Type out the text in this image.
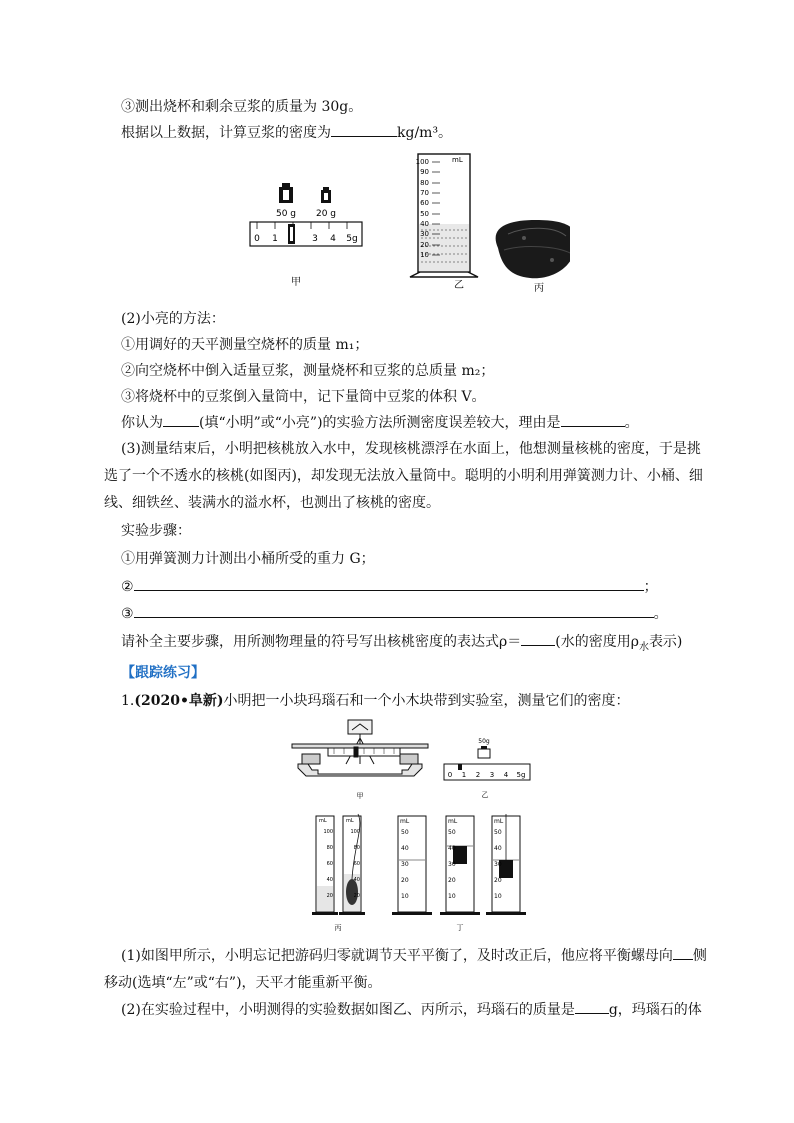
③测出烧杯和剩余豆浆的质量为 30g。
根据以上数据，计算豆浆的密度为	kg/m³。
50 g 20 g
0 1	3 4 5g
甲
mL
100
90
80
70
60
50
40
30
20
10
乙	丙
(2)小亮的方法：
①用调好的天平测量空烧杯的质量 m₁；
②向空烧杯中倒入适量豆浆，测量烧杯和豆浆的总质量 m₂；
③将烧杯中的豆浆倒入量筒中，记下量筒中豆浆的体积 V。
你认为	(填“小明”或“小亮”)的实验方法所测密度误差较大，理由是	。
(3)测量结束后，小明把核桃放入水中，发现核桃漂浮在水面上，他想测量核桃的密度，于是挑
选了一个不透水的核桃(如图丙)，却发现无法放入量筒中。聪明的小明利用弹簧测力计、小桶、细
线、细铁丝、装满水的溢水杯，也测出了核桃的密度。
实验步骤：
①用弹簧测力计测出小桶所受的重力 G；
②	；
③	。
请补全主要步骤，用所测物理量的符号写出核桃密度的表达式ρ＝ (水的密度用$\rho_水$表示)
【跟踪练习】
1.(2020•阜新)小明把一小块玛瑙石和一个小木块带到实验室，测量它们的密度：
甲
50g
0 1 2 3 4 5g
乙
mL
100
80
60
40
20
mL
100
80
60
40
20
丙
mL	mL	mL
50
40
30
20
10
50
40
30
20
10
50
40
30
20
10
丁
(1)如图甲所示，小明忘记把游码归零就调节天平平衡了，及时改正后，他应将平衡螺母向 侧
移动(选填“左”或“右”)，天平才能重新平衡。
(2)在实验过程中，小明测得的实验数据如图乙、丙所示，玛瑙石的质量是 g，玛瑙石的体
